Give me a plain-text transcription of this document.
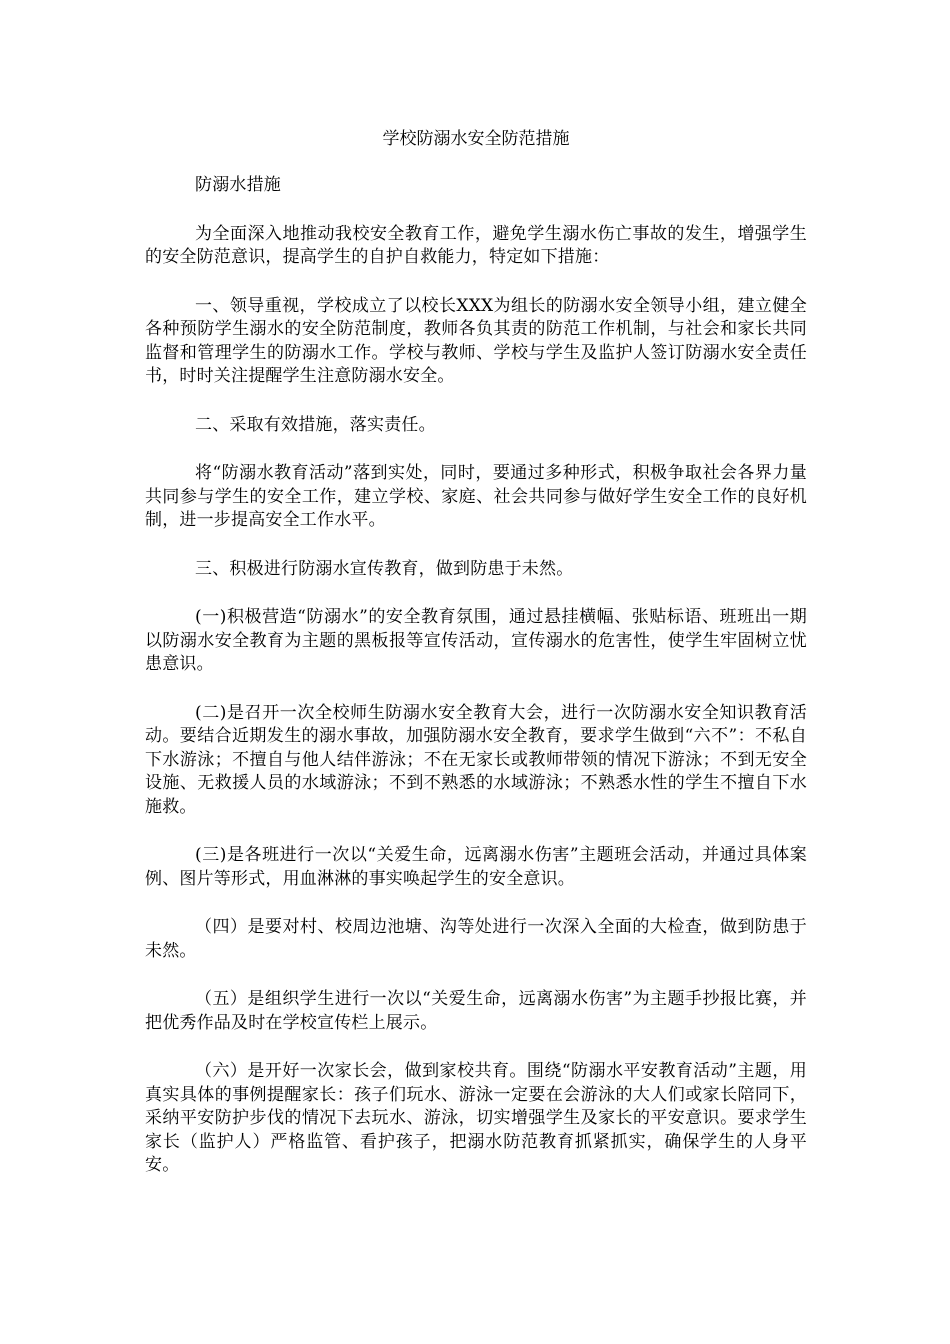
学校防溺水安全防范措施

防溺水措施

为全面深入地推动我校安全教育工作，避免学生溺水伤亡事故的发生，增强学生的安全防范意识，提高学生的自护自救能力，特定如下措施：

一、领导重视，学校成立了以校长XXX为组长的防溺水安全领导小组，建立健全各种预防学生溺水的安全防范制度，教师各负其责的防范工作机制，与社会和家长共同监督和管理学生的防溺水工作。学校与教师、学校与学生及监护人签订防溺水安全责任书，时时关注提醒学生注意防溺水安全。

二、采取有效措施，落实责任。

将“防溺水教育活动”落到实处，同时，要通过多种形式，积极争取社会各界力量共同参与学生的安全工作，建立学校、家庭、社会共同参与做好学生安全工作的良好机制，进一步提高安全工作水平。

三、积极进行防溺水宣传教育，做到防患于未然。

(一)积极营造“防溺水”的安全教育氛围，通过悬挂横幅、张贴标语、班班出一期以防溺水安全教育为主题的黑板报等宣传活动，宣传溺水的危害性，使学生牢固树立忧患意识。

(二)是召开一次全校师生防溺水安全教育大会，进行一次防溺水安全知识教育活动。要结合近期发生的溺水事故，加强防溺水安全教育，要求学生做到“六不”：不私自下水游泳；不擅自与他人结伴游泳；不在无家长或教师带领的情况下游泳；不到无安全设施、无救援人员的水域游泳；不到不熟悉的水域游泳；不熟悉水性的学生不擅自下水施救。

(三)是各班进行一次以“关爱生命，远离溺水伤害”主题班会活动，并通过具体案例、图片等形式，用血淋淋的事实唤起学生的安全意识。

（四）是要对村、校周边池塘、沟等处进行一次深入全面的大检查，做到防患于未然。

（五）是组织学生进行一次以“关爱生命，远离溺水伤害”为主题手抄报比赛，并把优秀作品及时在学校宣传栏上展示。

（六）是开好一次家长会，做到家校共育。围绕“防溺水平安教育活动”主题，用真实具体的事例提醒家长：孩子们玩水、游泳一定要在会游泳的大人们或家长陪同下，采纳平安防护步伐的情况下去玩水、游泳，切实增强学生及家长的平安意识。要求学生家长（监护人）严格监管、看护孩子，把溺水防范教育抓紧抓实，确保学生的人身平安。
